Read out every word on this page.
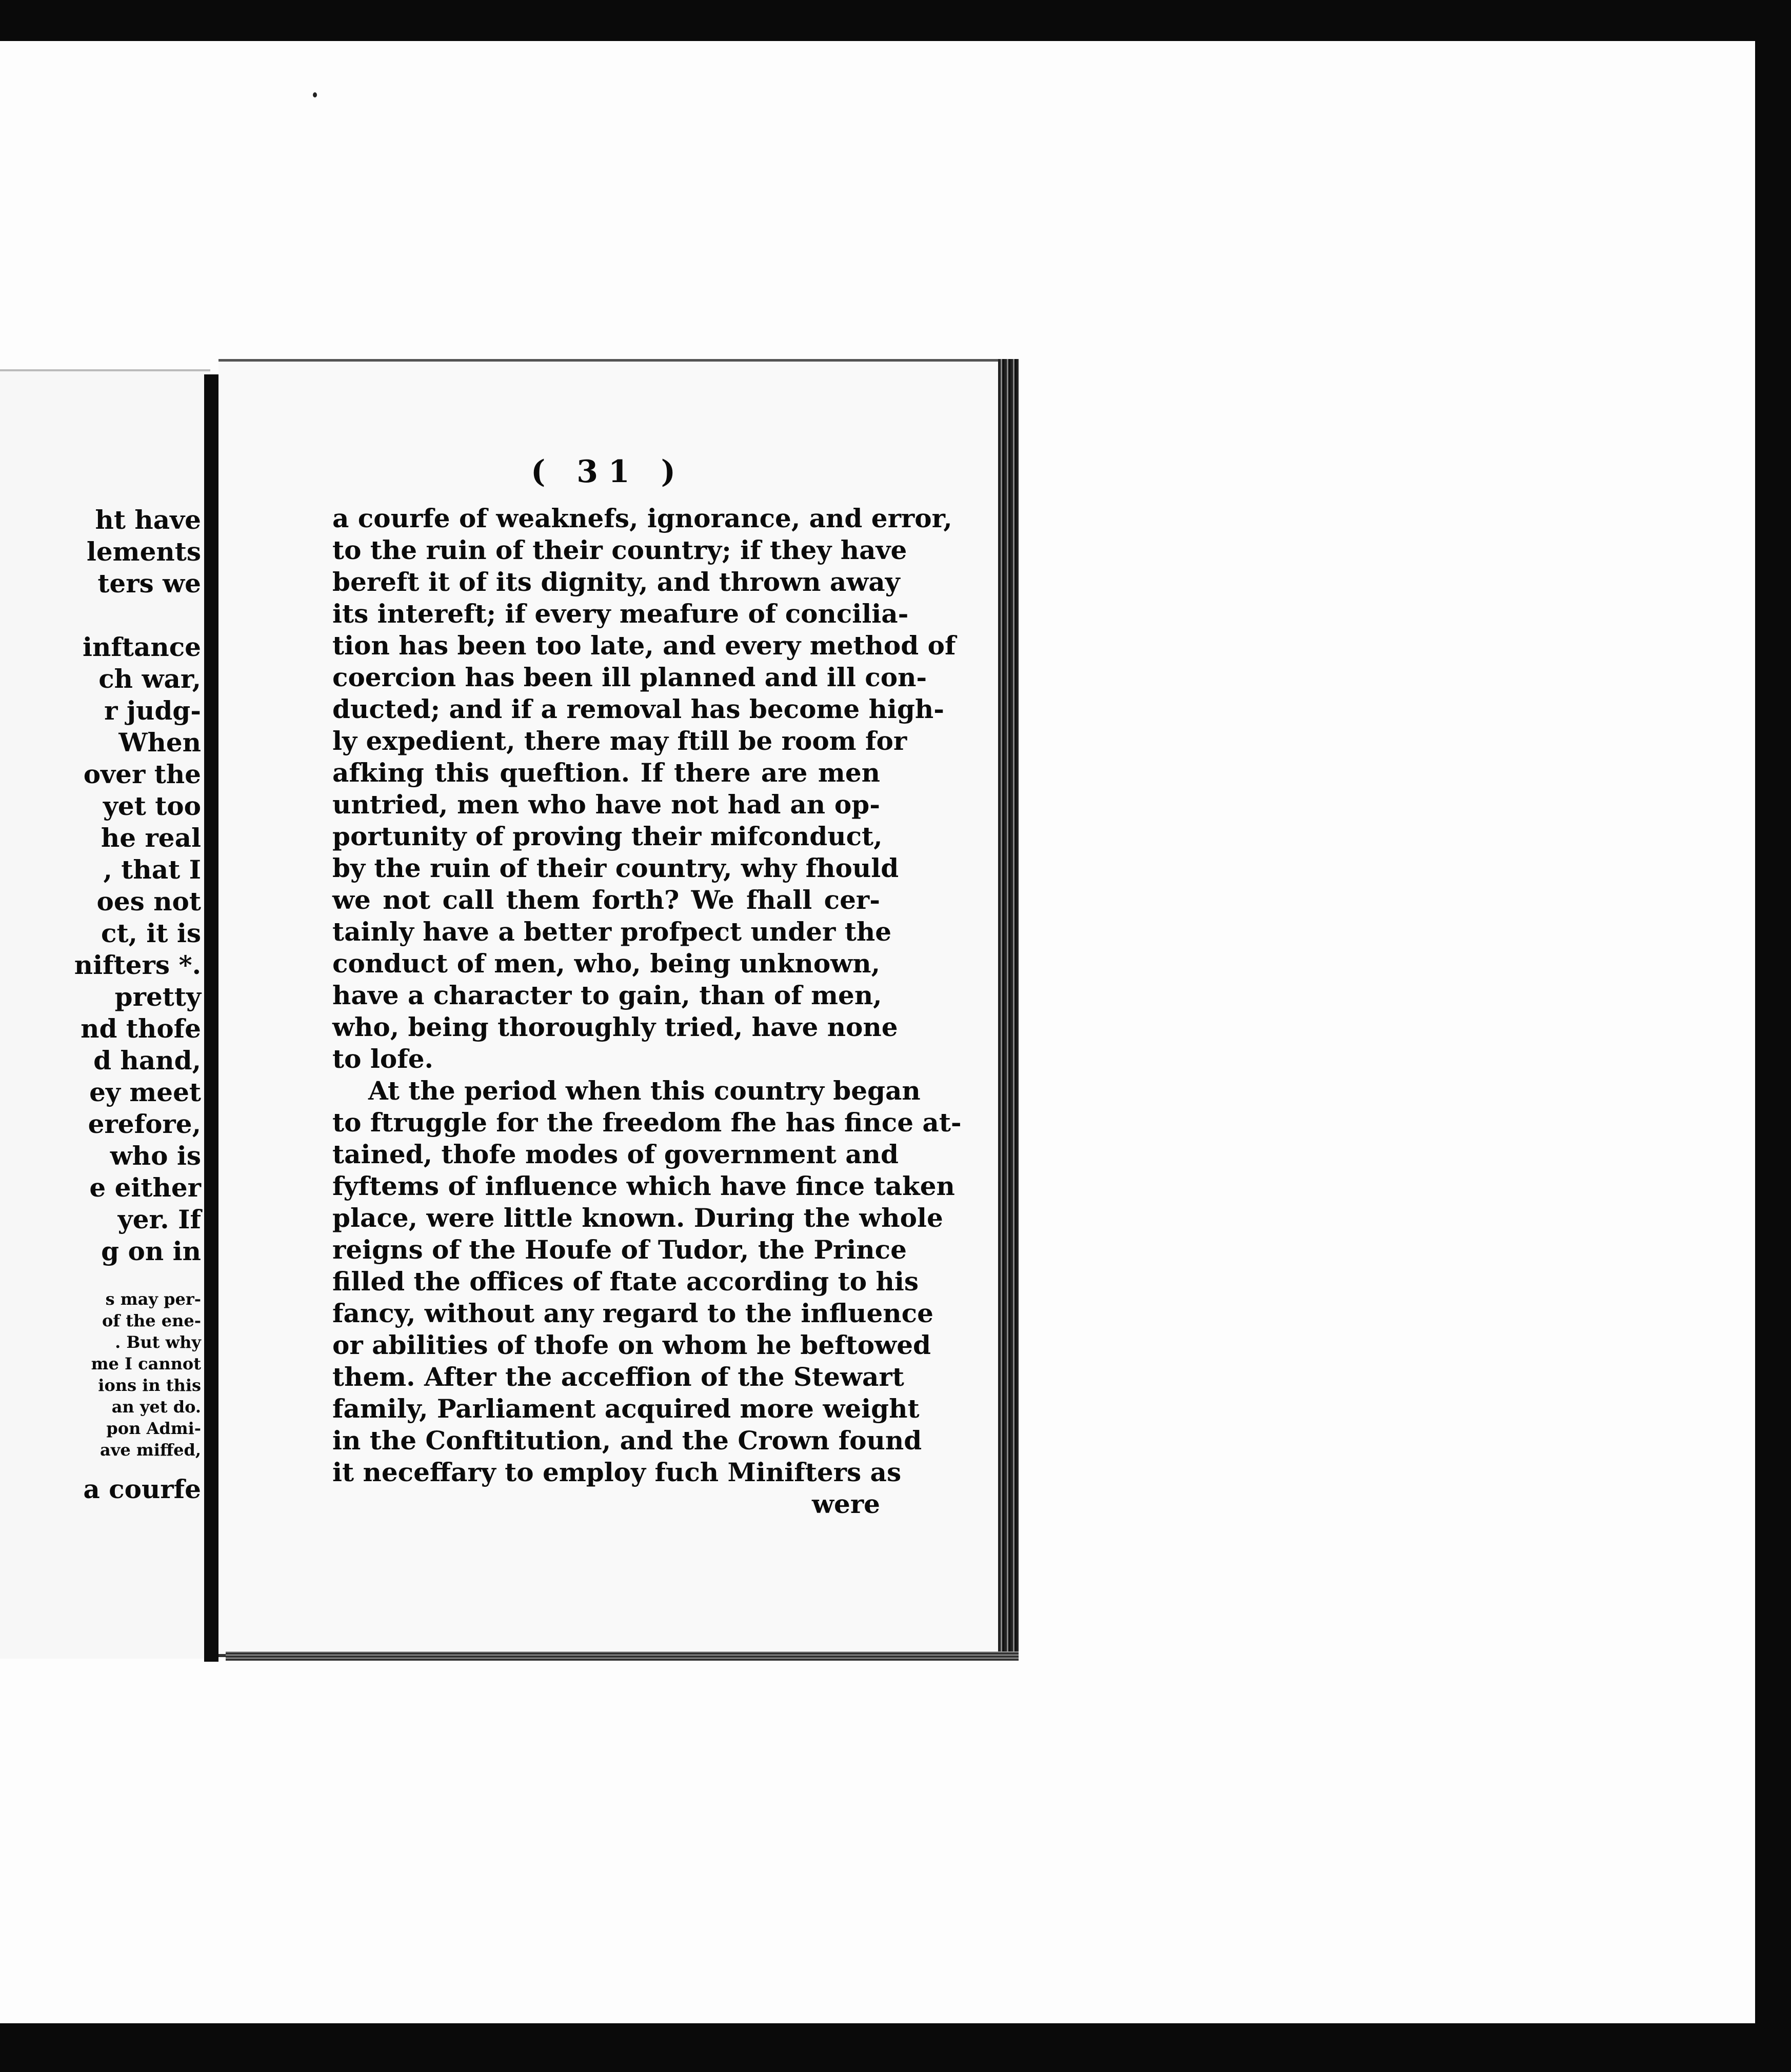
ht have
lements
ters we
inftance
ch war,
r judg-
When
over the
yet too
he real
, that I
oes not
ct, it is
nifters *.
pretty
nd thofe
d hand,
ey meet
erefore,
who is
e either
yer. If
g on in
s may per-
of the ene-
. But why
me I cannot
ions in this
an yet do.
pon Admi-
ave miffed,
a courfe
( 31 )
a courfe of weaknefs, ignorance, and error,
to the ruin of their country; if they have
bereft it of its dignity, and thrown away
its intereft; if every meafure of concilia-
tion has been too late, and every method of
coercion has been ill planned and ill con-
ducted; and if a removal has become high-
ly expedient, there may ftill be room for
afking this queftion. If there are men
untried, men who have not had an op-
portunity of proving their mifconduct,
by the ruin of their country, why fhould
we not call them forth? We fhall cer-
tainly have a better profpect under the
conduct of men, who, being unknown,
have a character to gain, than of men,
who, being thoroughly tried, have none
to lofe.
At the period when this country began
to ftruggle for the freedom fhe has fince at-
tained, thofe modes of government and
fyftems of influence which have fince taken
place, were little known. During the whole
reigns of the Houfe of Tudor, the Prince
filled the offices of ftate according to his
fancy, without any regard to the influence
or abilities of thofe on whom he beftowed
them. After the acceffion of the Stewart
family, Parliament acquired more weight
in the Conftitution, and the Crown found
it neceffary to employ fuch Minifters as
were
